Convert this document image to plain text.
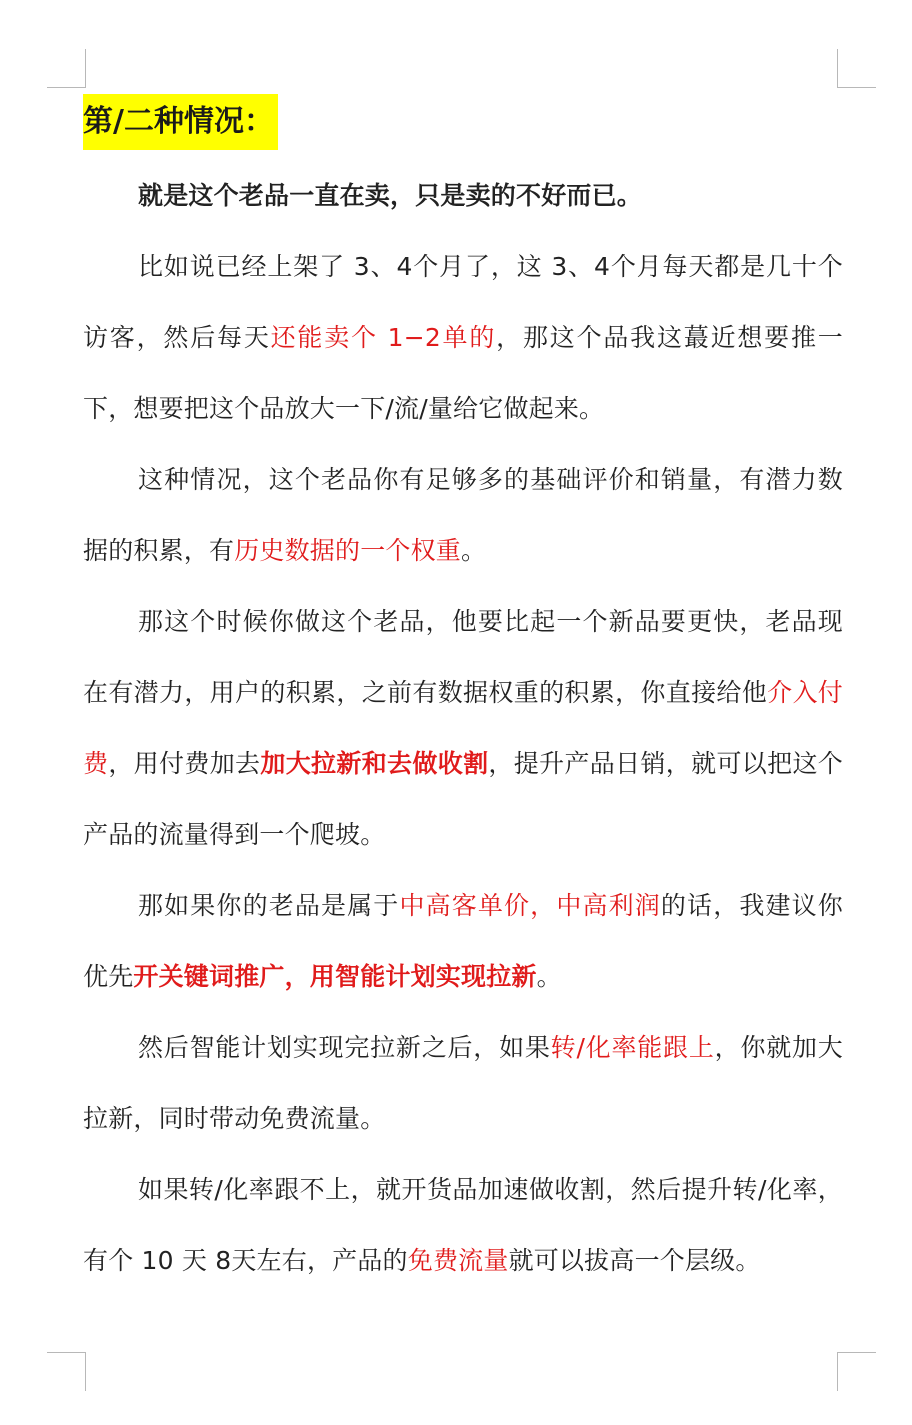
第/二种情况：

就是这个老品一直在卖，只是卖的不好而已。

比如说已经上架了 3、4个月了，这 3、4个月每天都是几十个访客，然后每天还能卖个 1−2单的，那这个品我这蕞近想要推一下，想要把这个品放大一下/流/量给它做起来。

这种情况，这个老品你有足够多的基础评价和销量，有潜力数据的积累，有历史数据的一个权重。

那这个时候你做这个老品，他要比起一个新品要更快，老品现在有潜力，用户的积累，之前有数据权重的积累，你直接给他介入付费，用付费加去加大拉新和去做收割，提升产品日销，就可以把这个产品的流量得到一个爬坡。

那如果你的老品是属于中高客单价，中高利润的话，我建议你优先开关键词推广，用智能计划实现拉新。

然后智能计划实现完拉新之后，如果转/化率能跟上，你就加大拉新，同时带动免费流量。

如果转/化率跟不上，就开货品加速做收割，然后提升转/化率，有个 10 天 8天左右，产品的免费流量就可以拔高一个层级。
